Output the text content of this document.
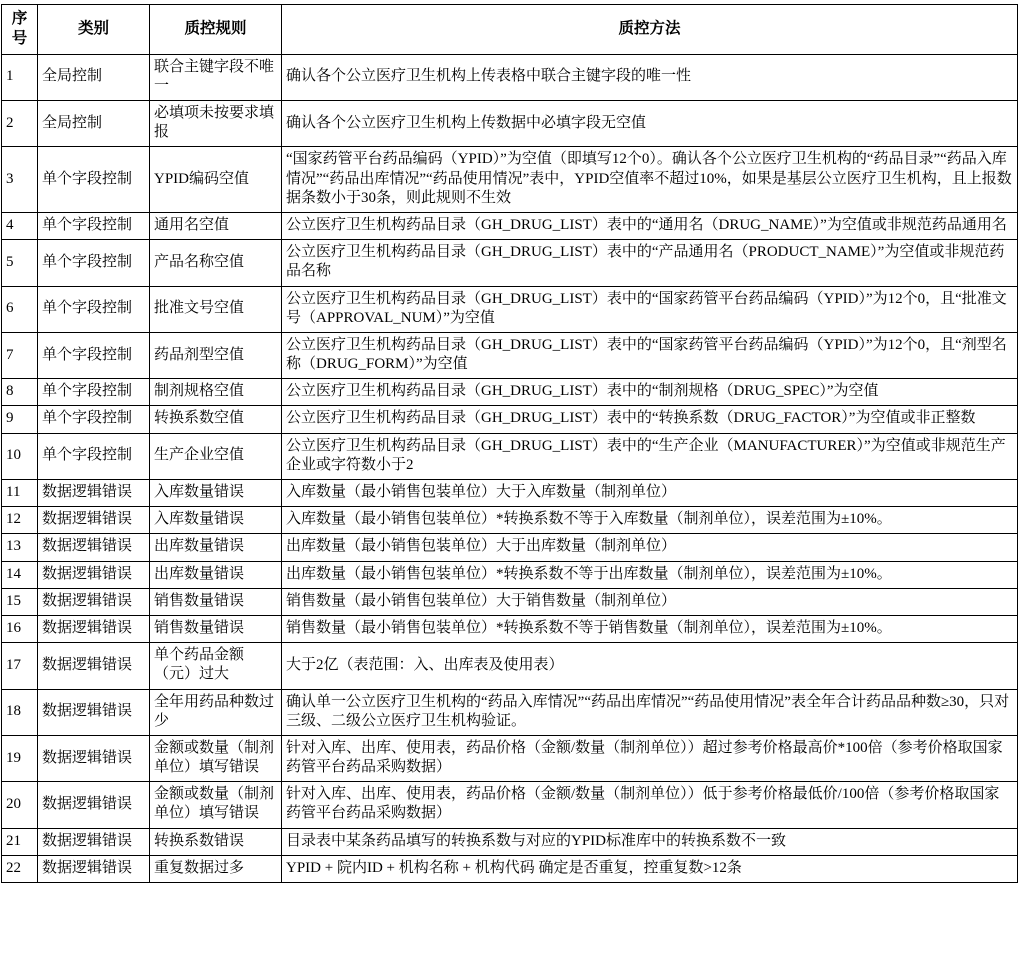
序号	类别	质控规则	质控方法
1	全局控制	联合主键字段不唯一	确认各个公立医疗卫生机构上传表格中联合主键字段的唯一性
2	全局控制	必填项未按要求填报	确认各个公立医疗卫生机构上传数据中必填字段无空值
3	单个字段控制	YPID编码空值	“国家药管平台药品编码（YPID）”为空值（即填写12个0）。确认各个公立医疗卫生机构的“药品目录”“药品入库情况”“药品出库情况”“药品使用情况”表中，YPID空值率不超过10%，如果是基层公立医疗卫生机构，且上报数据条数小于30条，则此规则不生效
4	单个字段控制	通用名空值	公立医疗卫生机构药品目录（GH_DRUG_LIST）表中的“通用名（DRUG_NAME）”为空值或非规范药品通用名
5	单个字段控制	产品名称空值	公立医疗卫生机构药品目录（GH_DRUG_LIST）表中的“产品通用名（PRODUCT_NAME）”为空值或非规范药品名称
6	单个字段控制	批准文号空值	公立医疗卫生机构药品目录（GH_DRUG_LIST）表中的“国家药管平台药品编码（YPID）”为12个0，且“批准文号（APPROVAL_NUM）”为空值
7	单个字段控制	药品剂型空值	公立医疗卫生机构药品目录（GH_DRUG_LIST）表中的“国家药管平台药品编码（YPID）”为12个0，且“剂型名称（DRUG_FORM）”为空值
8	单个字段控制	制剂规格空值	公立医疗卫生机构药品目录（GH_DRUG_LIST）表中的“制剂规格（DRUG_SPEC）”为空值
9	单个字段控制	转换系数空值	公立医疗卫生机构药品目录（GH_DRUG_LIST）表中的“转换系数（DRUG_FACTOR）”为空值或非正整数
10	单个字段控制	生产企业空值	公立医疗卫生机构药品目录（GH_DRUG_LIST）表中的“生产企业（MANUFACTURER）”为空值或非规范生产企业或字符数小于2
11	数据逻辑错误	入库数量错误	入库数量（最小销售包装单位）大于入库数量（制剂单位）
12	数据逻辑错误	入库数量错误	入库数量（最小销售包装单位）*转换系数不等于入库数量（制剂单位），误差范围为±10%。
13	数据逻辑错误	出库数量错误	出库数量（最小销售包装单位）大于出库数量（制剂单位）
14	数据逻辑错误	出库数量错误	出库数量（最小销售包装单位）*转换系数不等于出库数量（制剂单位），误差范围为±10%。
15	数据逻辑错误	销售数量错误	销售数量（最小销售包装单位）大于销售数量（制剂单位）
16	数据逻辑错误	销售数量错误	销售数量（最小销售包装单位）*转换系数不等于销售数量（制剂单位），误差范围为±10%。
17	数据逻辑错误	单个药品金额（元）过大	大于2亿（表范围：入、出库表及使用表）
18	数据逻辑错误	全年用药品种数过少	确认单一公立医疗卫生机构的“药品入库情况”“药品出库情况”“药品使用情况”表全年合计药品品种数≥30，只对三级、二级公立医疗卫生机构验证。
19	数据逻辑错误	金额或数量（制剂单位）填写错误	针对入库、出库、使用表，药品价格（金额/数量（制剂单位））超过参考价格最高价*100倍（参考价格取国家药管平台药品采购数据）
20	数据逻辑错误	金额或数量（制剂单位）填写错误	针对入库、出库、使用表，药品价格（金额/数量（制剂单位））低于参考价格最低价/100倍（参考价格取国家药管平台药品采购数据）
21	数据逻辑错误	转换系数错误	目录表中某条药品填写的转换系数与对应的YPID标准库中的转换系数不一致
22	数据逻辑错误	重复数据过多	YPID + 院内ID + 机构名称 + 机构代码 确定是否重复，控重复数>12条
